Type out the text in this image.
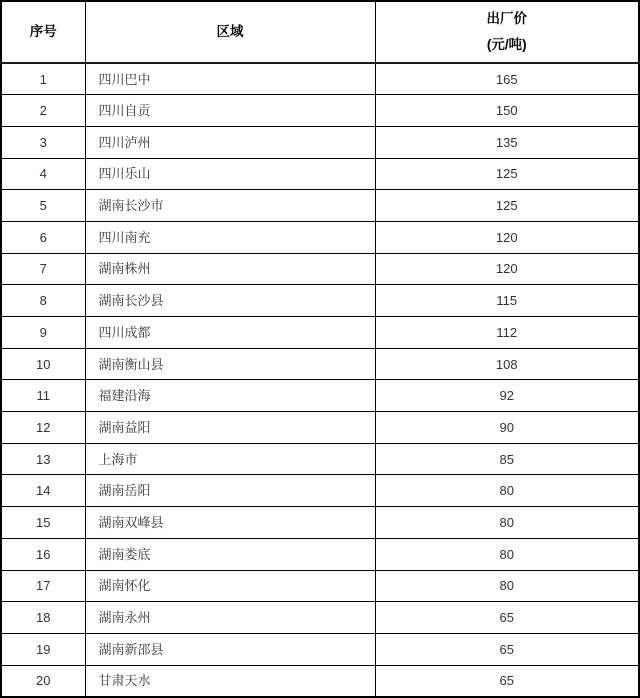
序号	区域	出厂价
(元/吨)

1	四川巴中	165
2	四川自贡	150
3	四川泸州	135
4	四川乐山	125
5	湖南长沙市	125
6	四川南充	120
7	湖南株州	120
8	湖南长沙县	115
9	四川成都	112
10	湖南衡山县	108
11	福建沿海	92
12	湖南益阳	90
13	上海市	85
14	湖南岳阳	80
15	湖南双峰县	80
16	湖南娄底	80
17	湖南怀化	80
18	湖南永州	65
19	湖南新邵县	65
20	甘肃天水	65
